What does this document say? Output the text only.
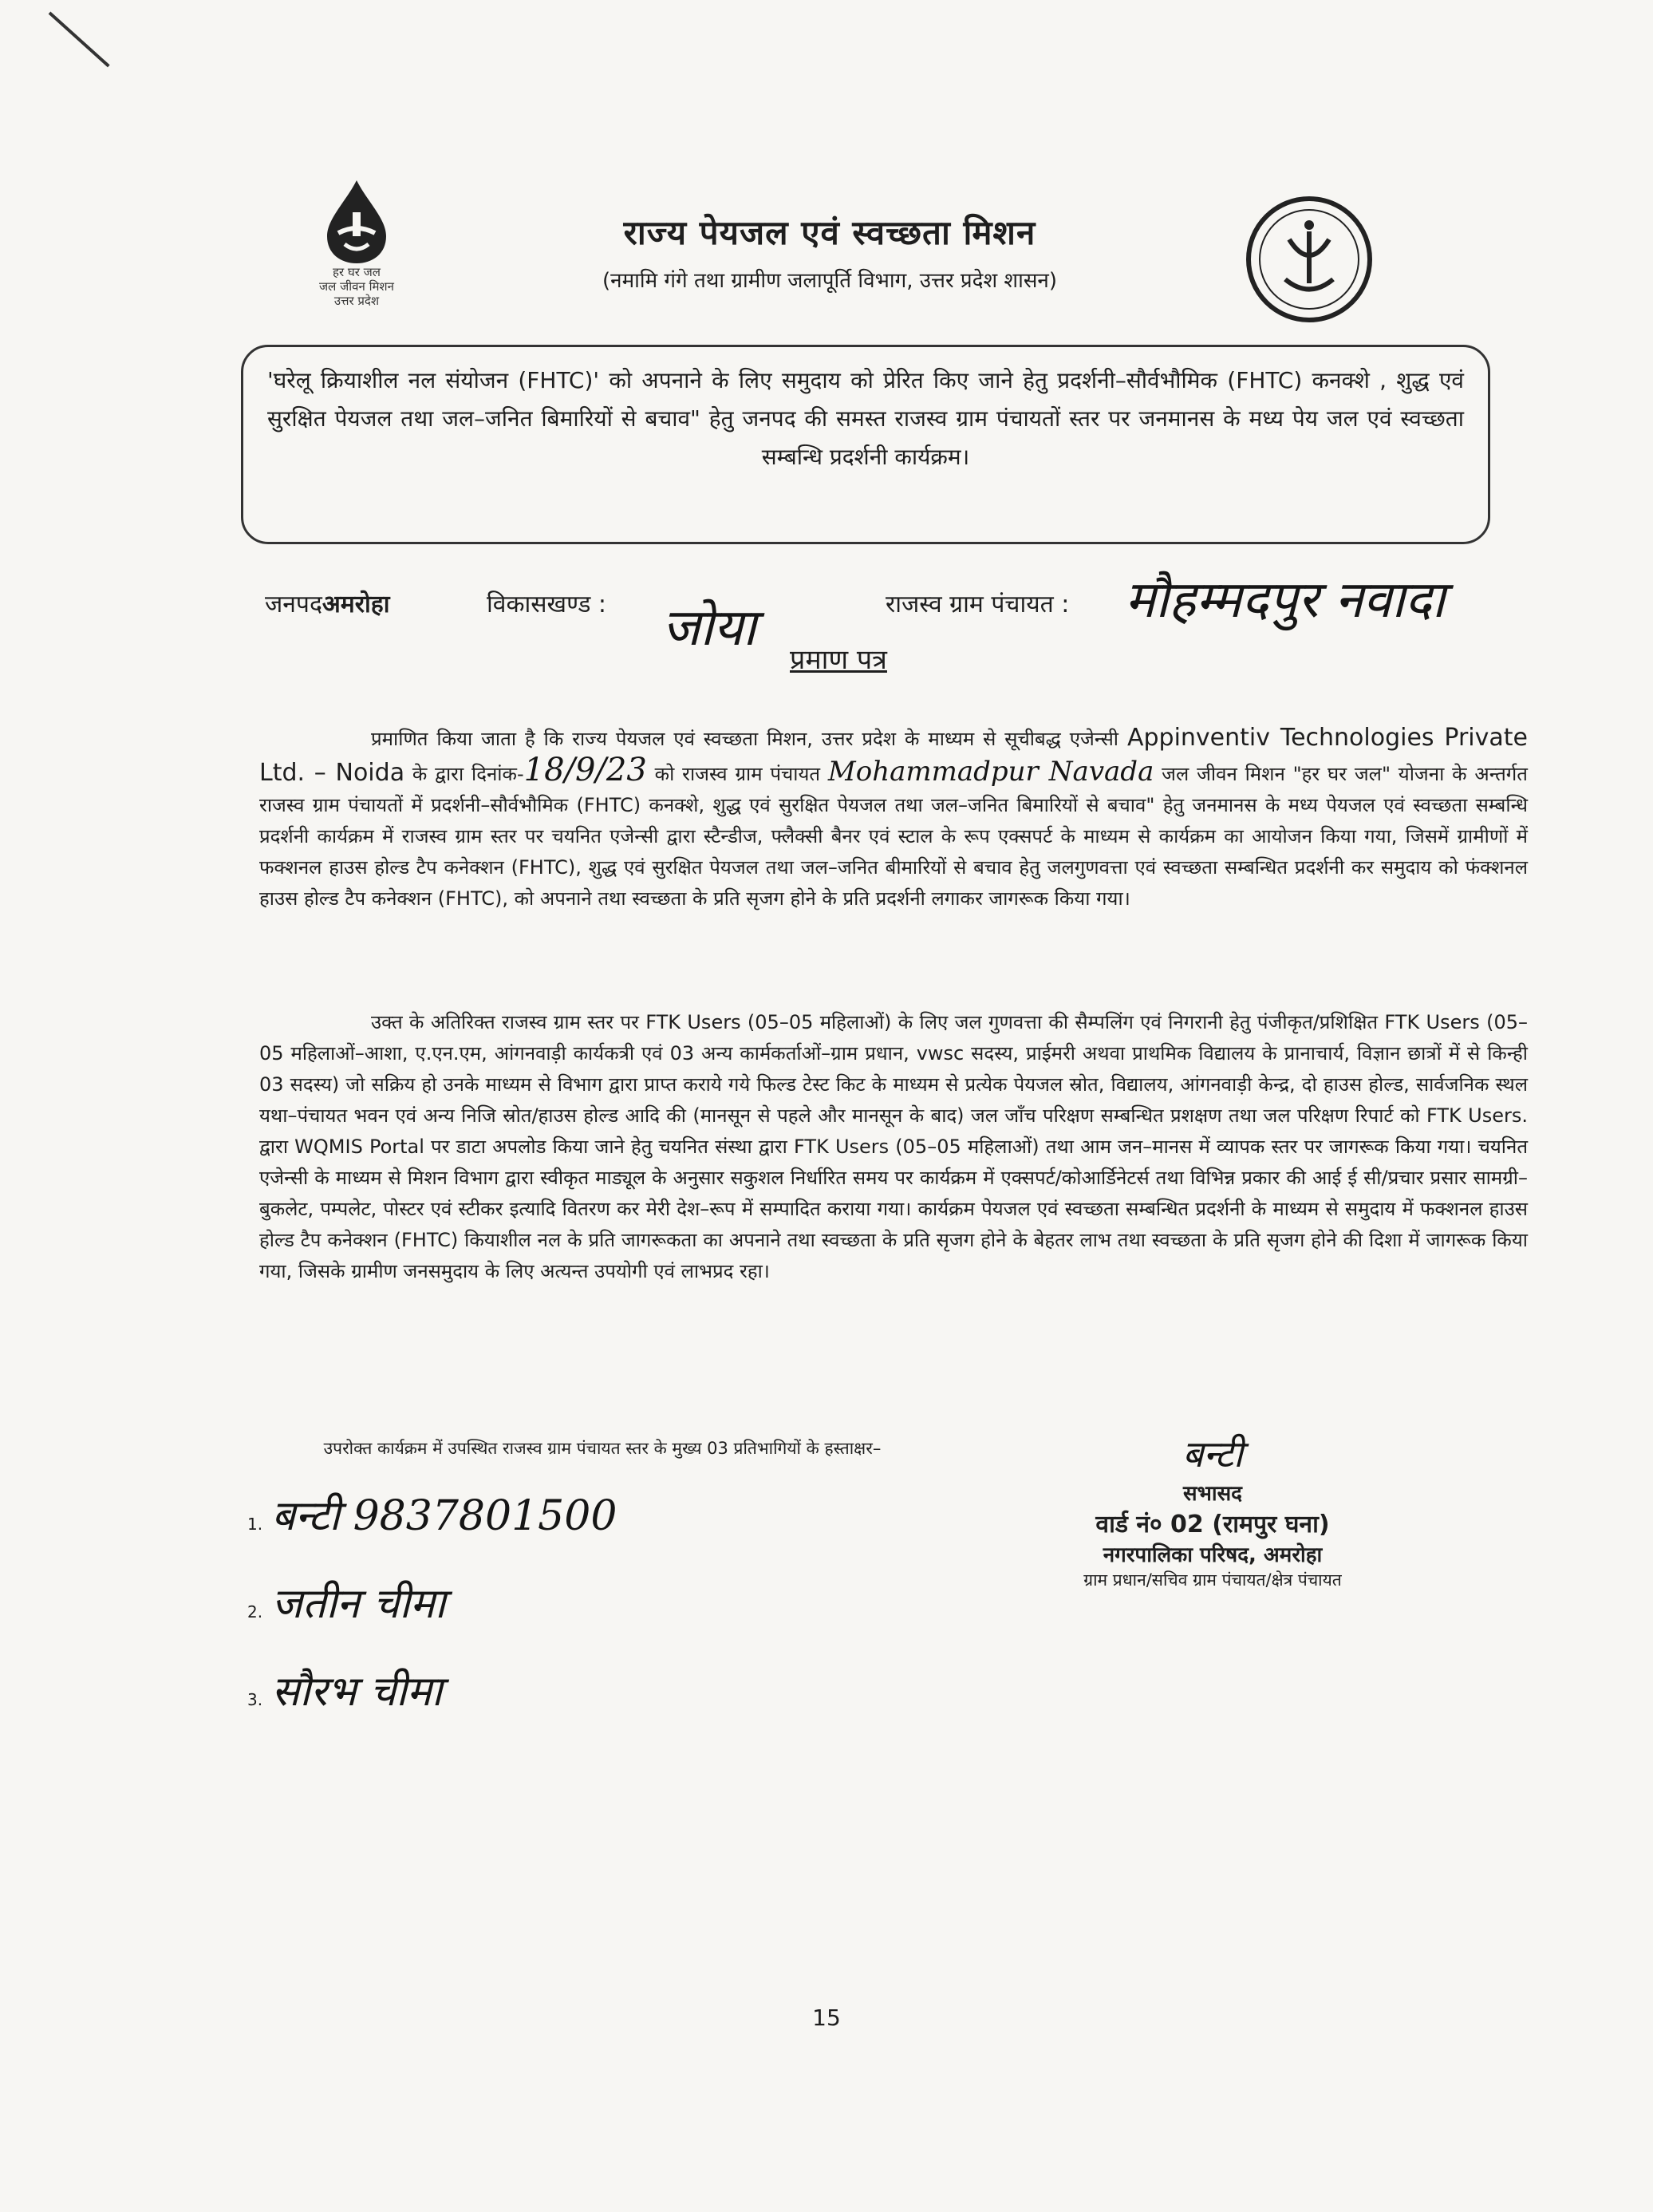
हर घर जल
जल जीवन मिशन
उत्तर प्रदेश
राज्य पेयजल एवं स्वच्छता मिशन
(नमामि गंगे तथा ग्रामीण जलापूर्ति विभाग, उत्तर प्रदेश शासन)

'घरेलू क्रियाशील नल संयोजन (FHTC)' को अपनाने के लिए समुदाय को प्रेरित किए जाने हेतु प्रदर्शनी–सौर्वभौमिक (FHTC) कनक्शे , शुद्ध एवं सुरक्षित पेयजल तथा जल–जनित बिमारियों से बचाव" हेतु जनपद की समस्त राजस्व ग्राम पंचायतों स्तर पर जनमानस के मध्य पेय जल एवं स्वच्छता सम्बन्धि प्रदर्शनी कार्यक्रम।

जनपदअमरोहा	विकासखण्ड : जोया	राजस्व ग्राम पंचायत : मौहम्मदपुर नवादा
प्रमाण पत्र

प्रमाणित किया जाता है कि राज्य पेयजल एवं स्वच्छता मिशन, उत्तर प्रदेश के माध्यम से सूचीबद्ध एजेन्सी Appinventiv Technologies Private Ltd. – Noida के द्वारा दिनांक-18/9/23 को राजस्व ग्राम पंचायत Mohammadpur Navada जल जीवन मिशन "हर घर जल" योजना के अन्तर्गत राजस्व ग्राम पंचायतों में प्रदर्शनी–सौर्वभौमिक (FHTC) कनक्शे, शुद्ध एवं सुरक्षित पेयजल तथा जल–जनित बिमारियों से बचाव" हेतु जनमानस के मध्य पेयजल एवं स्वच्छता सम्बन्धि प्रदर्शनी कार्यक्रम में राजस्व ग्राम स्तर पर चयनित एजेन्सी द्वारा स्टैन्डीज, फ्लैक्सी बैनर एवं स्टाल के रूप एक्सपर्ट के माध्यम से कार्यक्रम का आयोजन किया गया, जिसमें ग्रामीणों में फक्शनल हाउस होल्ड टैप कनेक्शन (FHTC), शुद्ध एवं सुरक्षित पेयजल तथा जल–जनित बीमारियों से बचाव हेतु जलगुणवत्ता एवं स्वच्छता सम्बन्धित प्रदर्शनी कर समुदाय को फंक्शनल हाउस होल्ड टैप कनेक्शन (FHTC), को अपनाने तथा स्वच्छता के प्रति सृजग होने के प्रति प्रदर्शनी लगाकर जागरूक किया गया।

उक्त के अतिरिक्त राजस्व ग्राम स्तर पर FTK Users (05–05 महिलाओं) के लिए जल गुणवत्ता की सैम्पलिंग एवं निगरानी हेतु पंजीकृत/प्रशिक्षित FTK Users (05–05 महिलाओं–आशा, ए.एन.एम, आंगनवाड़ी कार्यकत्री एवं 03 अन्य कार्मकर्ताओं–ग्राम प्रधान, vwsc सदस्य, प्राईमरी अथवा प्राथमिक विद्यालय के प्रानाचार्य, विज्ञान छात्रों में से किन्ही 03 सदस्य) जो सक्रिय हो उनके माध्यम से विभाग द्वारा प्राप्त कराये गये फिल्ड टेस्ट किट के माध्यम से प्रत्येक पेयजल स्रोत, विद्यालय, आंगनवाड़ी केन्द्र, दो हाउस होल्ड, सार्वजनिक स्थल यथा–पंचायत भवन एवं अन्य निजि स्रोत/हाउस होल्ड आदि की (मानसून से पहले और मानसून के बाद) जल जाँच परिक्षण सम्बन्धित प्रशक्षण तथा जल परिक्षण रिपार्ट को FTK Users. द्वारा WQMIS Portal पर डाटा अपलोड किया जाने हेतु चयनित संस्था द्वारा FTK Users (05–05 महिलाओं) तथा आम जन–मानस में व्यापक स्तर पर जागरूक किया गया। चयनित एजेन्सी के माध्यम से मिशन विभाग द्वारा स्वीकृत माड्यूल के अनुसार सकुशल निर्धारित समय पर कार्यक्रम में एक्सपर्ट/कोआर्डिनेटर्स तथा विभिन्न प्रकार की आई ई सी/प्रचार प्रसार सामग्री–बुकलेट, पम्पलेट, पोस्टर एवं स्टीकर इत्यादि वितरण कर मेरी देश–रूप में सम्पादित कराया गया। कार्यक्रम पेयजल एवं स्वच्छता सम्बन्धित प्रदर्शनी के माध्यम से समुदाय में फक्शनल हाउस होल्ड टैप कनेक्शन (FHTC) कियाशील नल के प्रति जागरूकता का अपनाने तथा स्वच्छता के प्रति सृजग होने के बेहतर लाभ तथा स्वच्छता के प्रति सृजग होने की दिशा में जागरूक किया गया, जिसके ग्रामीण जनसमुदाय के लिए अत्यन्त उपयोगी एवं लाभप्रद रहा।

उपरोक्त कार्यक्रम में उपस्थित राजस्व ग्राम पंचायत स्तर के मुख्य 03 प्रतिभागियों के हस्ताक्षर–
1. बन्टी 9837801500
2. जतीन चीमा
3. सौरभ चीमा
बन्टी
सभासद
वार्ड नं० 02 (रामपुर घना)
नगरपालिका परिषद, अमरोहा
ग्राम प्रधान/सचिव ग्राम पंचायत/क्षेत्र पंचायत
15
